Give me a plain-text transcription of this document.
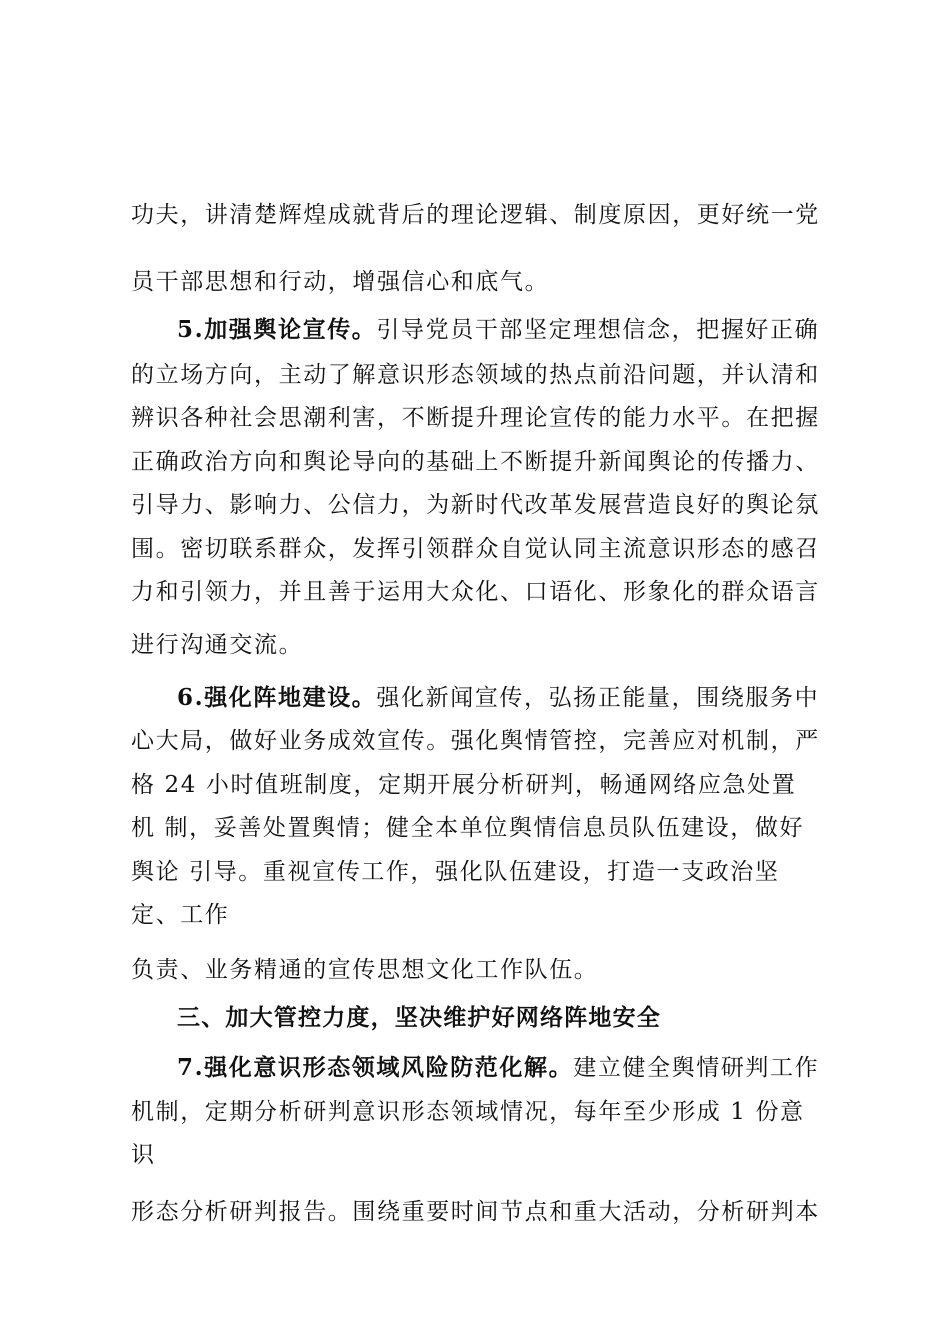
功夫，讲清楚辉煌成就背后的理论逻辑、制度原因，更好统一党
员干部思想和行动，增强信心和底气。
5.加强舆论宣传。引导党员干部坚定理想信念，把握好正确
的立场方向，主动了解意识形态领域的热点前沿问题，并认清和
辨识各种社会思潮利害，不断提升理论宣传的能力水平。在把握
正确政治方向和舆论导向的基础上不断提升新闻舆论的传播力、
引导力、影响力、公信力，为新时代改革发展营造良好的舆论氛
围。密切联系群众，发挥引领群众自觉认同主流意识形态的感召
力和引领力，并且善于运用大众化、口语化、形象化的群众语言
进行沟通交流。
6.强化阵地建设。强化新闻宣传，弘扬正能量，围绕服务中
心大局，做好业务成效宣传。强化舆情管控，完善应对机制，严
格 24 小时值班制度，定期开展分析研判，畅通网络应急处置
机 制，妥善处置舆情；健全本单位舆情信息员队伍建设，做好
舆论 引导。重视宣传工作，强化队伍建设，打造一支政治坚
定、工作
负责、业务精通的宣传思想文化工作队伍。
三、加大管控力度，坚决维护好网络阵地安全
7.强化意识形态领域风险防范化解。建立健全舆情研判工作
机制，定期分析研判意识形态领域情况，每年至少形成 1 份意
识
形态分析研判报告。围绕重要时间节点和重大活动，分析研判本
